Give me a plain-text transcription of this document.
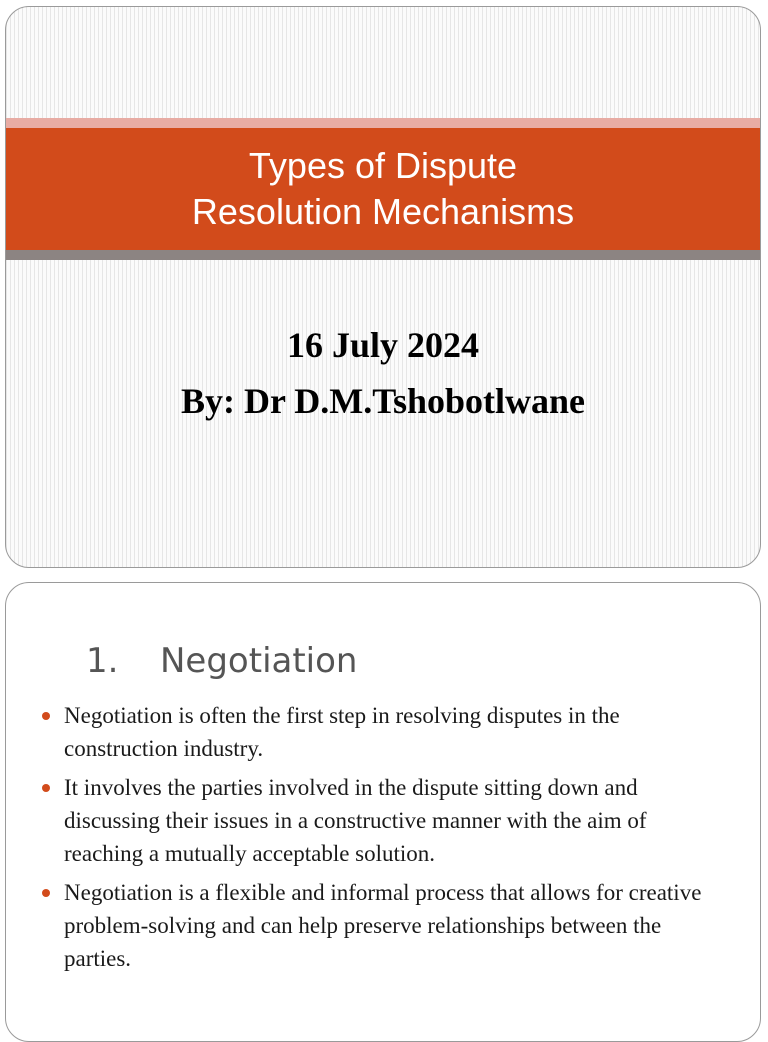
Types of Dispute
Resolution Mechanisms
16 July 2024
By: Dr D.M.Tshobotlwane
1.	Negotiation
Negotiation is often the first step in resolving disputes in the construction industry.
It involves the parties involved in the dispute sitting down and discussing their issues in a constructive manner with the aim of reaching a mutually acceptable solution.
Negotiation is a flexible and informal process that allows for creative problem-solving and can help preserve relationships between the parties.
